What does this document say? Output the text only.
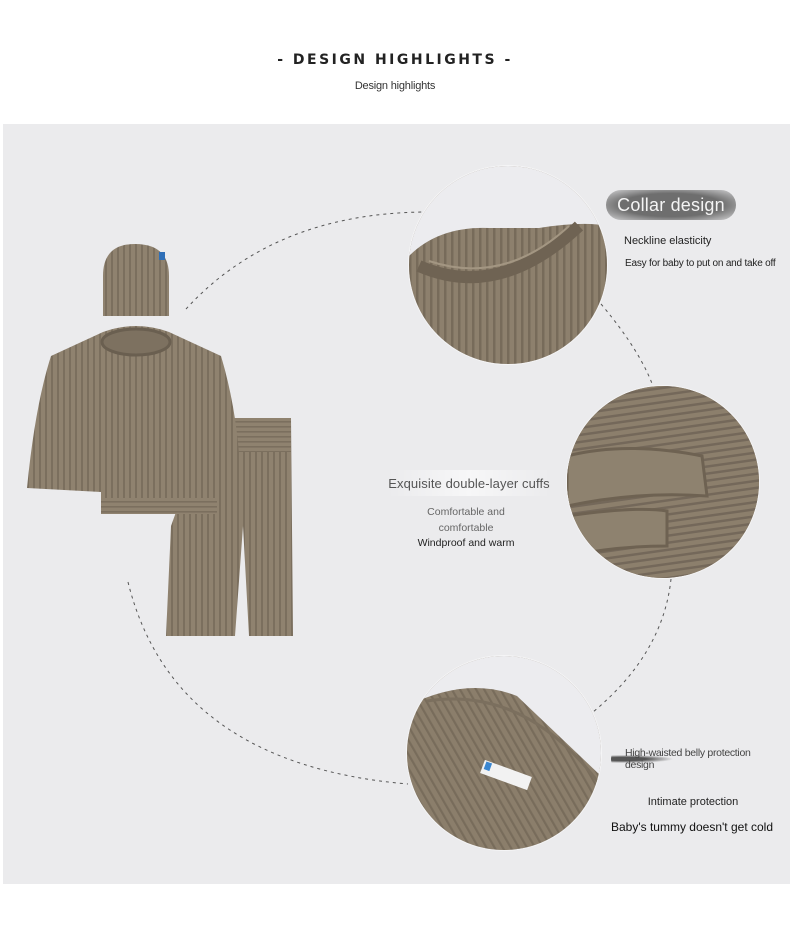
- DESIGN HIGHLIGHTS -
Design highlights
Collar design
Neckline elasticity
Easy for baby to put on and take off
Exquisite double-layer cuffs
Comfortable and
comfortable
Windproof and warm
High-waisted belly protection design
Intimate protection
Baby's tummy doesn't get cold
